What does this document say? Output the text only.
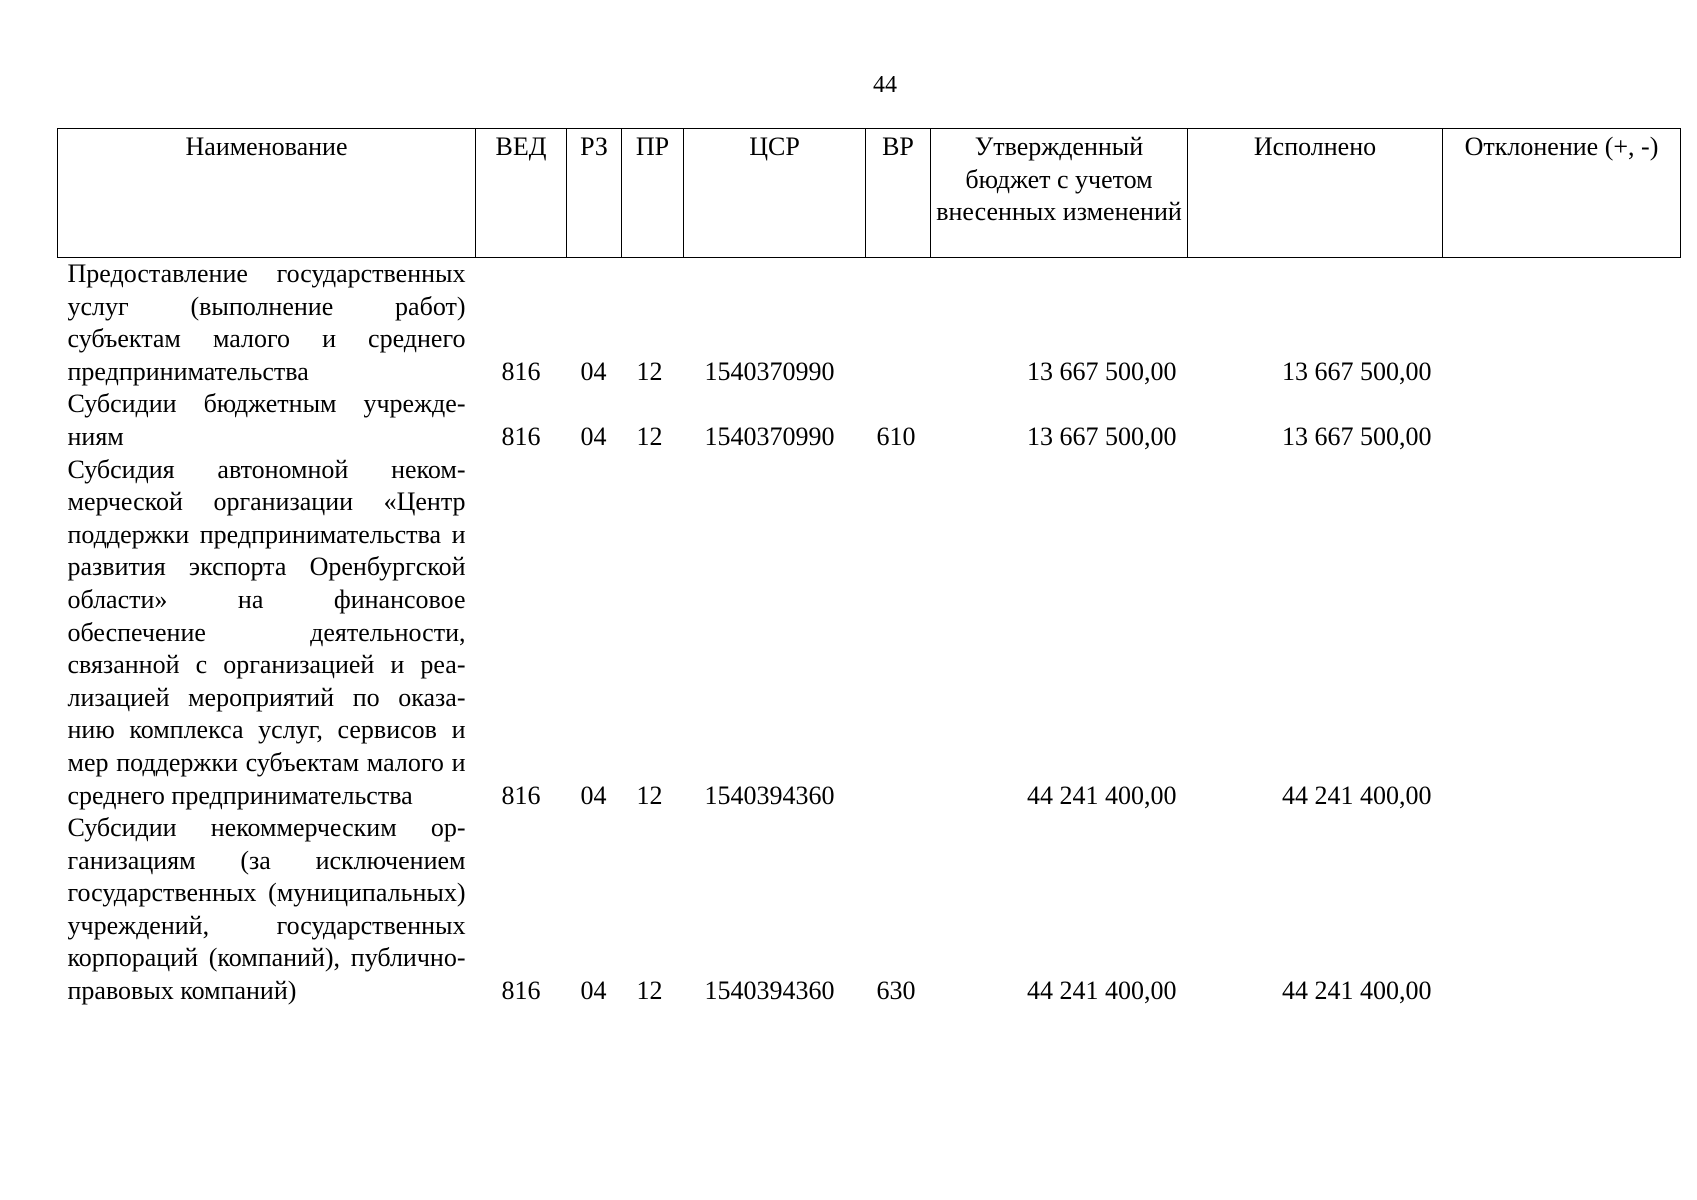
44
Наименование	ВЕД	РЗ	ПР	ЦСР	ВР	Утвержденный бюджет с учетом внесенных изменений	Исполнено	Отклонение (+, -)
Предоставление государственных услуг (выполнение работ) субъектам малого и среднего предпринимательства	816	04	12	1540370990		13 667 500,00	13 667 500,00	
Субсидии бюджетным учреждениям	816	04	12	1540370990	610	13 667 500,00	13 667 500,00	
Субсидия автономной некоммерческой организации «Центр поддержки предпринимательства и развития экспорта Оренбургской области» на финансовое обеспечение деятельности, связанной с организацией и реализацией мероприятий по оказанию комплекса услуг, сервисов и мер поддержки субъектам малого и среднего предпринимательства	816	04	12	1540394360		44 241 400,00	44 241 400,00	
Субсидии некоммерческим организациям (за исключением государственных (муниципальных) учреждений, государственных корпораций (компаний), публично-правовых компаний)	816	04	12	1540394360	630	44 241 400,00	44 241 400,00	
